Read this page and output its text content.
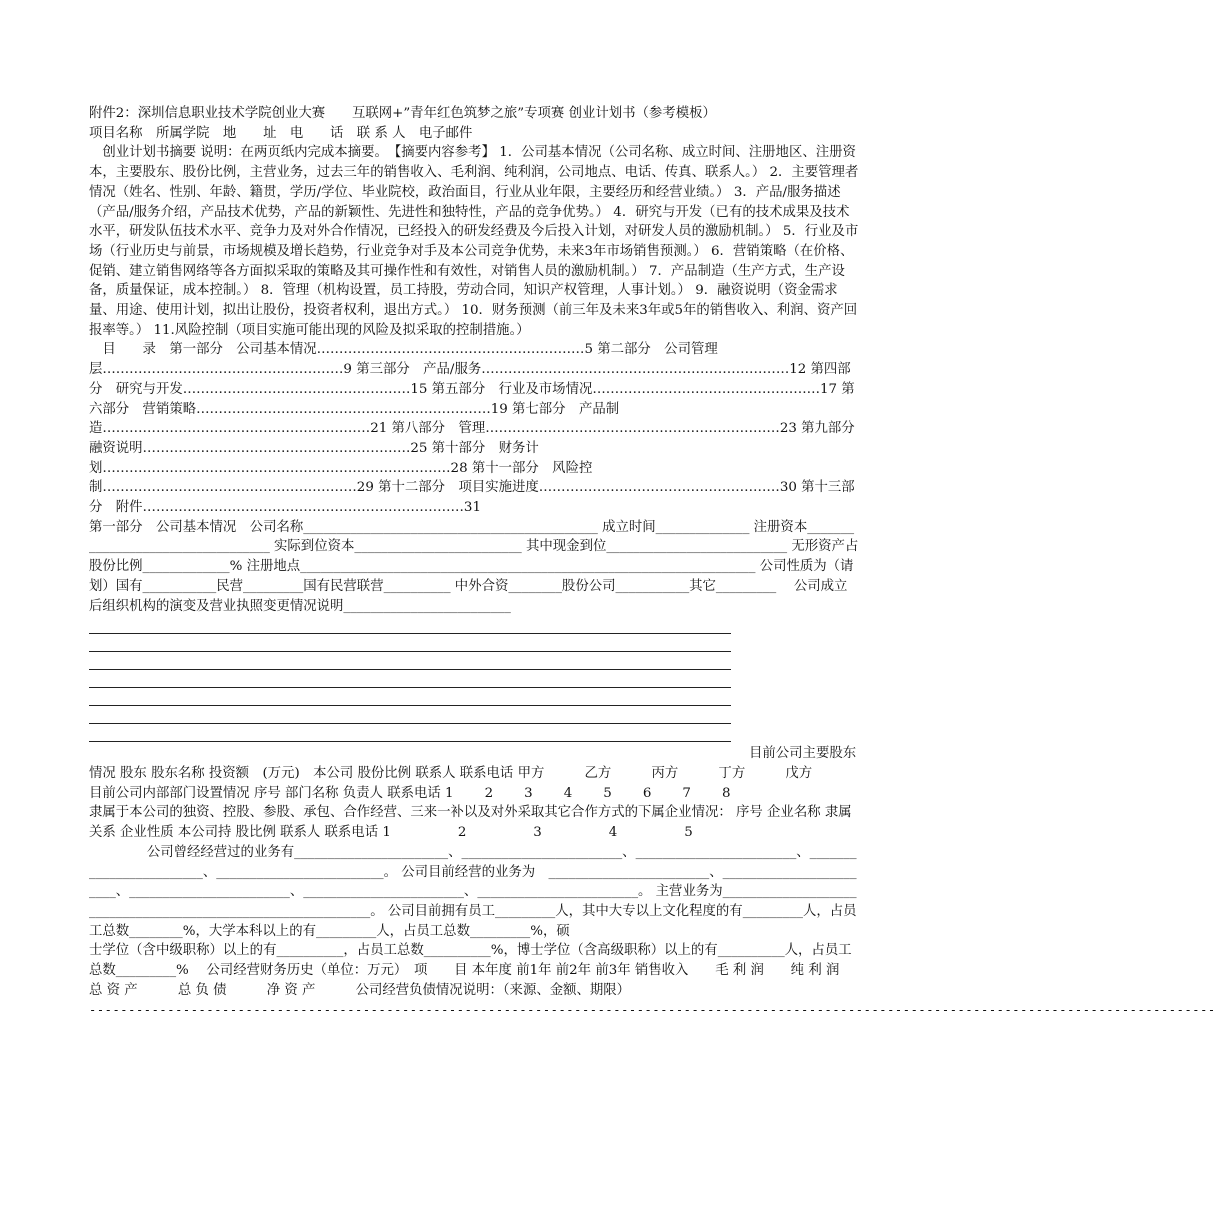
附件2：深圳信息职业技术学院创业大赛　　互联网+”青年红色筑梦之旅”专项赛 创业计划书（参考模板）

项目名称　所属学院　地　　址　电　　话　联 系 人　电子邮件

　创业计划书摘要 说明：在两页纸内完成本摘要。　【摘要内容参考】 1．公司基本情况（公司名称、成立时间、注册地区、注册资本，主要股东、股份比例，主营业务，过去三年的销售收入、毛利润、纯利润，公司地点、电话、传真、联系人。） 2．主要管理者情况（姓名、性别、年龄、籍贯，学历/学位、毕业院校，政治面目，行业从业年限，主要经历和经营业绩。） 3．产品/服务描述（产品/服务介绍，产品技术优势，产品的新颖性、先进性和独特性，产品的竞争优势。） 4．研究与开发（已有的技术成果及技术水平，研发队伍技术水平、竞争力及对外合作情况，已经投入的研发经费及今后投入计划，对研发人员的激励机制。） 5．行业及市场（行业历史与前景，市场规模及增长趋势，行业竞争对手及本公司竞争优势，未来3年市场销售预测。） 6．营销策略（在价格、促销、建立销售网络等各方面拟采取的策略及其可操作性和有效性，对销售人员的激励机制。） 7．产品制造（生产方式，生产设备，质量保证，成本控制。） 8．管理（机构设置，员工持股，劳动合同，知识产权管理，人事计划。） 9．融资说明（资金需求量、用途、使用计划，拟出让股份，投资者权利，退出方式。） 10．财务预测（前三年及未来3年或5年的销售收入、利润、资产回报率等。） 11.风险控制（项目实施可能出现的风险及拟采取的控制措施。）

　目　　录　第一部分　公司基本情况……………………………………………………5 第二部分　公司管理层………………………………………………9 第三部分　产品/服务……………………………………………………………12 第四部分　研究与开发……………………………………………15 第五部分　行业及市场情况……………………………………………17 第六部分　营销策略…………………………………………………………19 第七部分　产品制造……………………………………………………21 第八部分　管理…………………………………………………………23 第九部分　融资说明……………………………………………………25 第十部分　财务计划……………………………………………………………………28 第十一部分　风险控制…………………………………………………29 第十二部分　项目实施进度………………………………………………30 第十三部分　附件………………………………………………………………31

第一部分　公司基本情况　公司名称____________________________________________ 成立时间______________ 注册资本__________________________________ 实际到位资本_________________________ 其中现金到位___________________________ 无形资产占股份比例_____________% 注册地点____________________________________________________________________ 公司性质为（请划）国有___________民营_________国有民营联营__________ 中外合资________股份公司___________其它_________　 公司成立后组织机构的演变及营业执照变更情况说明_________________________

目前公司主要股东情况 股东 股东名称 投资额　(万元)　本公司 股份比例 联系人 联系电话 甲方　　　乙方　　　丙方　　　丁方　　　戊方

目前公司内部部门设置情况 序号 部门名称 负责人 联系电话 1　　 2　　 3　　 4　　 5　　 6　　 7　　 8

隶属于本公司的独资、控股、参股、承包、合作经营、三来一补以及对外采取其它合作方式的下属企业情况： 序号 企业名称 隶属关系 企业性质 本公司持 股比例 联系人 联系电话 1　　　　　2　　　　　3　　　　　4　　　　　5

　　　　 公司曾经经营过的业务有_______________________、________________________、________________________、________________________、_________________________。 公司目前经营的业务为　________________________、________________________、________________________、________________________、________________________。 主营业务为______________________________________________________________。 公司目前拥有员工_________人，其中大专以上文化程度的有_________人，占员工总数________%，大学本科以上的有_________人，占员工总数_________%，硕

士学位（含中级职称）以上的有__________，占员工总数__________%，博士学位（含高级职称）以上的有__________人，占员工总数_________%　 公司经营财务历史（单位：万元）　项　　目 本年度 前1年 前2年 前3年 销售收入　　毛 利 润　　纯 利 润　　　总 资 产　　　总 负 债　　　净 资 产　　　公司经营负债情况说明：（来源、金额、期限）

------------------------------------------------------------------------------------------------------------------------------------------------
